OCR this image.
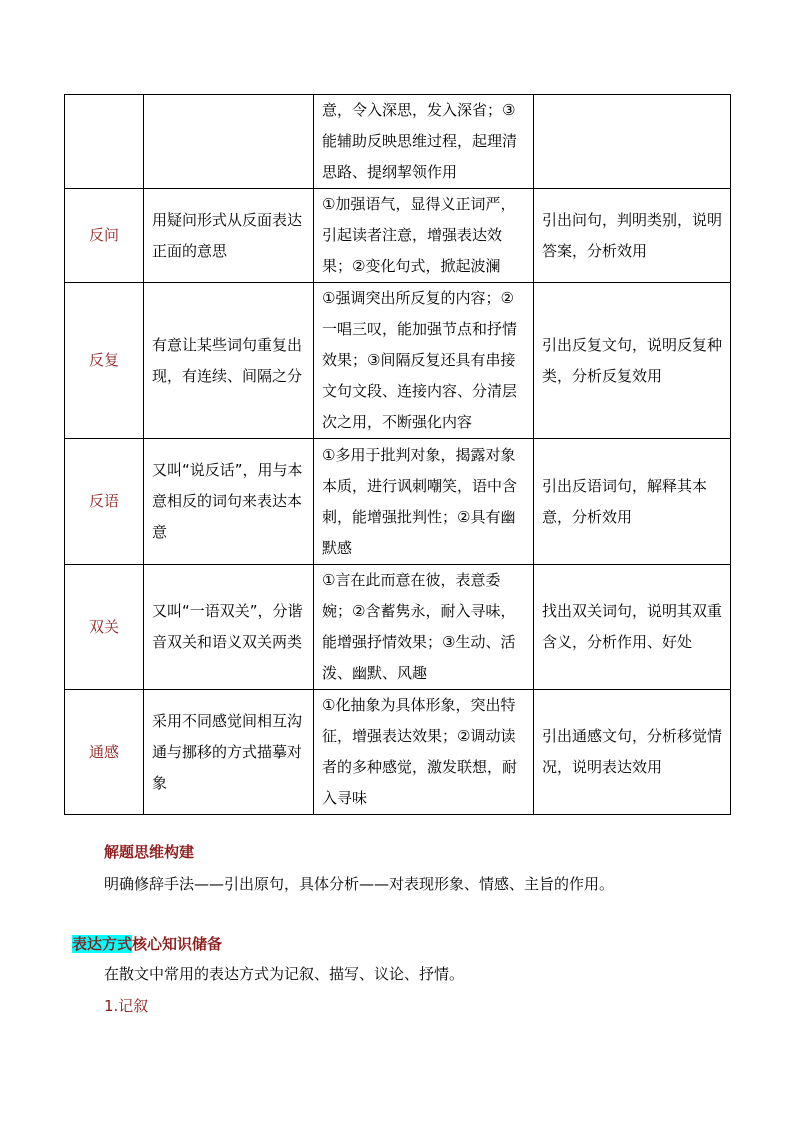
		意，令入深思，发入深省；③能辅助反映思维过程，起理清思路、提纲挈领作用	
反问	用疑问形式从反面表达正面的意思	①加强语气，显得义正词严，引起读者注意，增强表达效果；②变化句式，掀起波澜	引出问句，判明类别，说明答案，分析效用
反复	有意让某些词句重复出现，有连续、间隔之分	①强调突出所反复的内容；②一唱三叹，能加强节点和抒情效果；③间隔反复还具有串接文句文段、连接内容、分清层次之用，不断强化内容	引出反复文句，说明反复种类，分析反复效用
反语	又叫“说反话”，用与本意相反的词句来表达本意	①多用于批判对象，揭露对象本质，进行讽刺嘲笑，语中含刺，能增强批判性；②具有幽默感	引出反语词句，解释其本意，分析效用
双关	又叫“一语双关”，分谐音双关和语义双关两类	①言在此而意在彼，表意委婉；②含蓄隽永，耐入寻味，能增强抒情效果；③生动、活泼、幽默、风趣	找出双关词句，说明其双重含义，分析作用、好处
通感	采用不同感觉间相互沟通与挪移的方式描摹对象	①化抽象为具体形象，突出特征，增强表达效果；②调动读者的多种感觉，激发联想，耐入寻味	引出通感文句，分析移觉情况，说明表达效用
解题思维构建
明确修辞手法——引出原句，具体分析——对表现形象、情感、主旨的作用。
表达方式核心知识储备
在散文中常用的表达方式为记叙、描写、议论、抒情。
1.记叙
